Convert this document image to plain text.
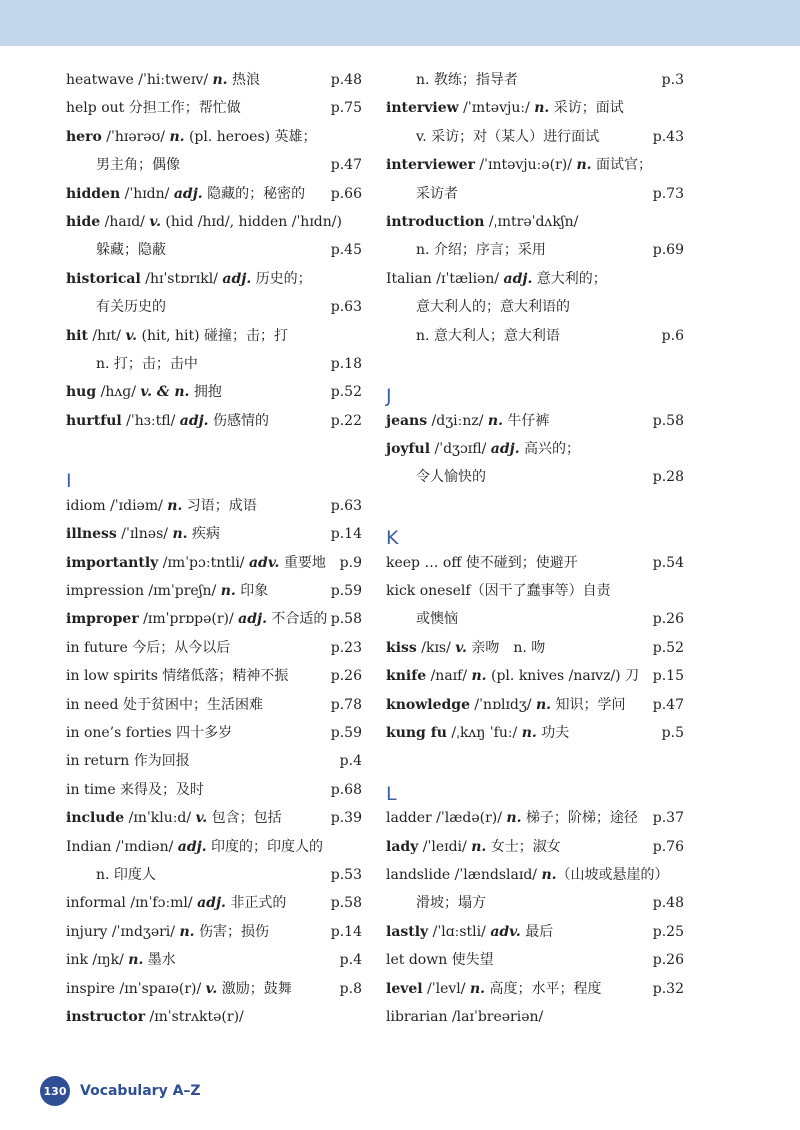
heatwave /ˈhiːtweɪv/ n. 热浪	p.48
help out 分担工作；帮忙做	p.75
hero /ˈhɪərəʊ/ n. (pl. heroes) 英雄；
男主角；偶像	p.47
hidden /ˈhɪdn/ adj. 隐藏的；秘密的 p.66
hide /haɪd/ v. (hid /hɪd/, hidden /ˈhɪdn/)
躲藏；隐蔽	p.45
historical /hɪˈstɒrɪkl/ adj. 历史的；
有关历史的	p.63
hit /hɪt/ v. (hit, hit) 碰撞；击；打
n. 打；击；击中	p.18
hug /hʌɡ/ v. & n. 拥抱	p.52
hurtful /ˈhɜːtfl/ adj. 伤感情的	p.22
I
idiom /ˈɪdiəm/ n. 习语；成语	p.63
illness /ˈɪlnəs/ n. 疾病	p.14
importantly /ɪmˈpɔːtntli/ adv. 重要地 p.9
impression /ɪmˈpreʃn/ n. 印象	p.59
improper /ɪmˈprɒpə(r)/ adj. 不合适的 p.58
in future 今后；从今以后	p.23
in low spirits 情绪低落；精神不振	p.26
in need 处于贫困中；生活困难	p.78
in one’s forties 四十多岁	p.59
in return 作为回报	p.4
in time 来得及；及时	p.68
include /ɪnˈkluːd/ v. 包含；包括	p.39
Indian /ˈɪndiən/ adj. 印度的；印度人的
n. 印度人	p.53
informal /ɪnˈfɔːml/ adj. 非正式的	p.58
injury /ˈɪndʒəri/ n. 伤害；损伤	p.14
ink /ɪŋk/ n. 墨水	p.4
inspire /ɪnˈspaɪə(r)/ v. 激励；鼓舞	p.8
instructor /ɪnˈstrʌktə(r)/
n. 教练；指导者	p.3
interview /ˈɪntəvjuː/ n. 采访；面试
v. 采访；对（某人）进行面试	p.43
interviewer /ˈɪntəvjuːə(r)/ n. 面试官；
采访者	p.73
introduction /ˌɪntrəˈdʌkʃn/
n. 介绍；序言；采用	p.69
Italian /ɪˈtæliən/ adj. 意大利的；
意大利人的；意大利语的
n. 意大利人；意大利语	p.6
J
jeans /dʒiːnz/ n. 牛仔裤	p.58
joyful /ˈdʒɔɪfl/ adj. 高兴的；
令人愉快的	p.28
K
keep … off 使不碰到；使避开	p.54
kick oneself（因干了蠢事等）自责
或懊恼	p.26
kiss /kɪs/ v. 亲吻　n. 吻	p.52
knife /naɪf/ n. (pl. knives /naɪvz/) 刀 p.15
knowledge /ˈnɒlɪdʒ/ n. 知识；学问 p.47
kung fu /ˌkʌŋ ˈfuː/ n. 功夫	p.5
L
ladder /ˈlædə(r)/ n. 梯子；阶梯；途径 p.37
lady /ˈleɪdi/ n. 女士；淑女	p.76
landslide /ˈlændslaɪd/ n.（山坡或悬崖的）
滑坡；塌方	p.48
lastly /ˈlɑːstli/ adv. 最后	p.25
let down 使失望	p.26
level /ˈlevl/ n. 高度；水平；程度	p.32
librarian /laɪˈbreəriən/
130 Vocabulary A–Z
